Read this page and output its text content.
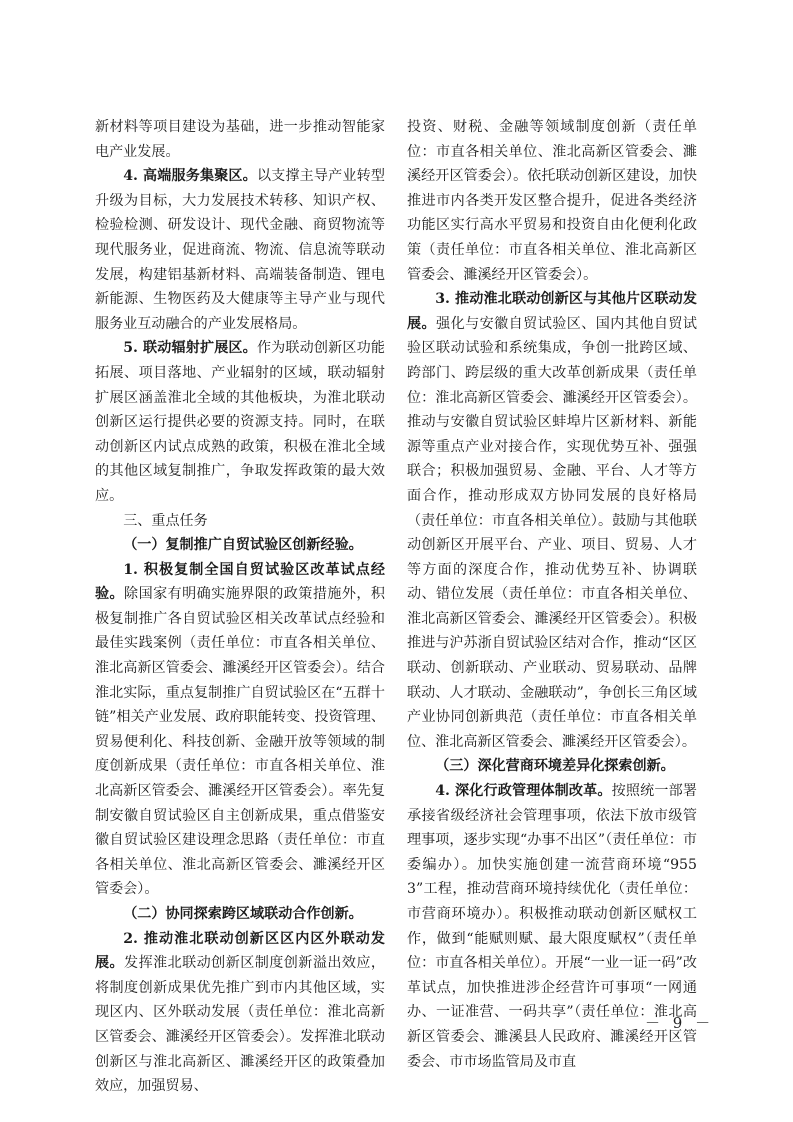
新材料等项目建设为基础，进一步推动智能家电产业发展。

4. 高端服务集聚区。以支撑主导产业转型升级为目标，大力发展技术转移、知识产权、检验检测、研发设计、现代金融、商贸物流等现代服务业，促进商流、物流、信息流等联动发展，构建铝基新材料、高端装备制造、锂电新能源、生物医药及大健康等主导产业与现代服务业互动融合的产业发展格局。

5. 联动辐射扩展区。作为联动创新区功能拓展、项目落地、产业辐射的区域，联动辐射扩展区涵盖淮北全域的其他板块，为淮北联动创新区运行提供必要的资源支持。同时，在联动创新区内试点成熟的政策，积极在淮北全域的其他区域复制推广，争取发挥政策的最大效应。

三、重点任务

（一）复制推广自贸试验区创新经验。

1. 积极复制全国自贸试验区改革试点经验。除国家有明确实施界限的政策措施外，积极复制推广各自贸试验区相关改革试点经验和最佳实践案例（责任单位：市直各相关单位、淮北高新区管委会、濉溪经开区管委会）。结合淮北实际，重点复制推广自贸试验区在“五群十链”相关产业发展、政府职能转变、投资管理、贸易便利化、科技创新、金融开放等领域的制度创新成果（责任单位：市直各相关单位、淮北高新区管委会、濉溪经开区管委会）。率先复制安徽自贸试验区自主创新成果，重点借鉴安徽自贸试验区建设理念思路（责任单位：市直各相关单位、淮北高新区管委会、濉溪经开区管委会）。

（二）协同探索跨区域联动合作创新。

2. 推动淮北联动创新区区内区外联动发展。发挥淮北联动创新区制度创新溢出效应，将制度创新成果优先推广到市内其他区域，实现区内、区外联动发展（责任单位：淮北高新区管委会、濉溪经开区管委会）。发挥淮北联动创新区与淮北高新区、濉溪经开区的政策叠加效应，加强贸易、

投资、财税、金融等领域制度创新（责任单位：市直各相关单位、淮北高新区管委会、濉溪经开区管委会）。依托联动创新区建设，加快推进市内各类开发区整合提升，促进各类经济功能区实行高水平贸易和投资自由化便利化政策（责任单位：市直各相关单位、淮北高新区管委会、濉溪经开区管委会）。

3. 推动淮北联动创新区与其他片区联动发展。强化与安徽自贸试验区、国内其他自贸试验区联动试验和系统集成，争创一批跨区域、跨部门、跨层级的重大改革创新成果（责任单位：淮北高新区管委会、濉溪经开区管委会）。推动与安徽自贸试验区蚌埠片区新材料、新能源等重点产业对接合作，实现优势互补、强强联合；积极加强贸易、金融、平台、人才等方面合作，推动形成双方协同发展的良好格局（责任单位：市直各相关单位）。鼓励与其他联动创新区开展平台、产业、项目、贸易、人才等方面的深度合作，推动优势互补、协调联动、错位发展（责任单位：市直各相关单位、淮北高新区管委会、濉溪经开区管委会）。积极推进与沪苏浙自贸试验区结对合作，推动“区区联动、创新联动、产业联动、贸易联动、品牌联动、人才联动、金融联动”，争创长三角区域产业协同创新典范（责任单位：市直各相关单位、淮北高新区管委会、濉溪经开区管委会）。

（三）深化营商环境差异化探索创新。

4. 深化行政管理体制改革。按照统一部署承接省级经济社会管理事项，依法下放市级管理事项，逐步实现“办事不出区”（责任单位：市委编办）。加快实施创建一流营商环境“9553”工程，推动营商环境持续优化（责任单位：市营商环境办）。积极推动联动创新区赋权工作，做到“能赋则赋、最大限度赋权”（责任单位：市直各相关单位）。开展“一业一证一码”改革试点，加快推进涉企经营许可事项“一网通办、一证准营、一码共享”（责任单位：淮北高新区管委会、濉溪县人民政府、濉溪经开区管委会、市市场监管局及市直

－ 9 －
